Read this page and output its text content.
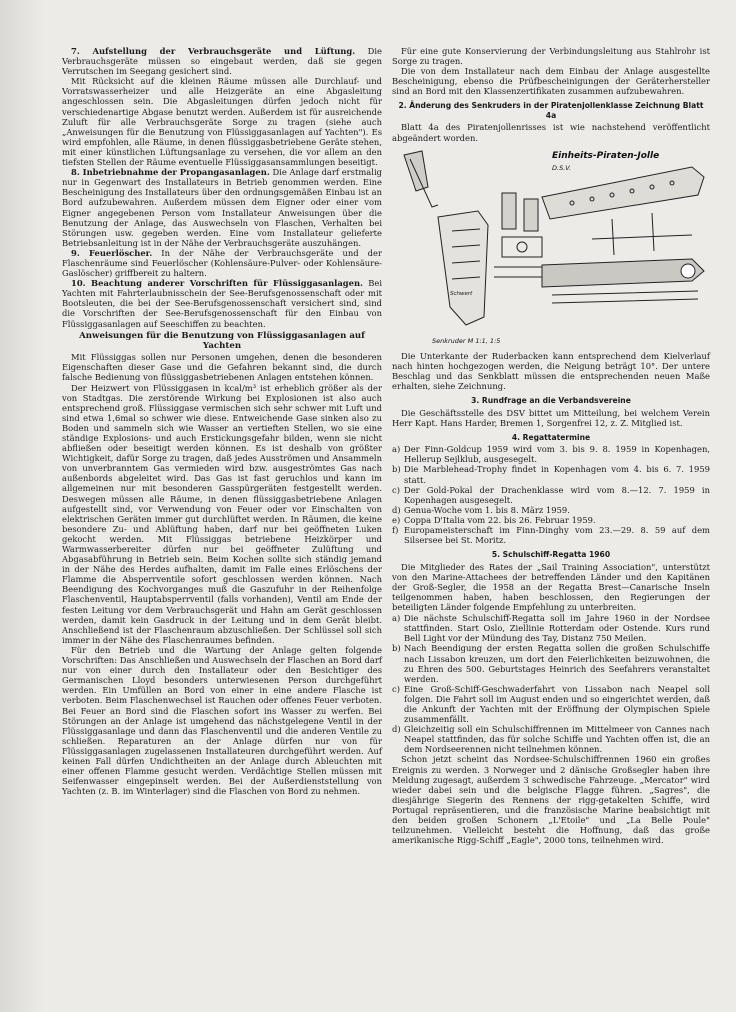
7. Aufstellung der Verbrauchsgeräte und Lüftung. Die Verbrauchsgeräte müssen so eingebaut werden, daß sie gegen Verrutschen im Seegang gesichert sind.

Mit Rücksicht auf die kleinen Räume müssen alle Durchlauf- und Vorratswasserheizer und alle Heizgeräte an eine Abgasleitung angeschlossen sein. Die Abgasleitungen dürfen jedoch nicht für verschiedenartige Abgase benutzt werden. Außerdem ist für ausreichende Zuluft für alle Verbrauchsgeräte Sorge zu tragen (siehe auch „Anweisungen für die Benutzung von Flüssiggasanlagen auf Yachten"). Es wird empfohlen, alle Räume, in denen flüssiggasbetriebene Geräte stehen, mit einer künstlichen Lüftungsanlage zu versehen, die vor allem an den tiefsten Stellen der Räume eventuelle Flüssiggasansammlungen beseitigt.

8. Inbetriebnahme der Propangasanlagen. Die Anlage darf erstmalig nur in Gegenwart des Installateurs in Betrieb genommen werden. Eine Bescheinigung des Installateurs über den ordnungsgemäßen Einbau ist an Bord aufzubewahren. Außerdem müssen dem Eigner oder einer vom Eigner angegebenen Person vom Installateur Anweisungen über die Benutzung der Anlage, das Auswechseln von Flaschen, Verhalten bei Störungen usw. gegeben werden. Eine vom Installateur gelieferte Betriebsanleitung ist in der Nähe der Verbrauchsgeräte auszuhängen.

9. Feuerlöscher. In der Nähe der Verbrauchsgeräte und der Flaschenräume sind Feuerlöscher (Kohlensäure-Pulver- oder Kohlensäure-Gaslöscher) griffbereit zu haltern.

10. Beachtung anderer Vorschriften für Flüssiggasanlagen. Bei Yachten mit Fahrterlaubnisschein der See-Berufsgenossenschaft oder mit Bootsleuten, die bei der See-Berufsgenossenschaft versichert sind, sind die Vorschriften der See-Berufsgenossenschaft für den Einbau von Flüssiggasanlagen auf Seeschiffen zu beachten.

Anweisungen für die Benutzung von Flüssiggasanlagen auf Yachten

Mit Flüssiggas sollen nur Personen umgehen, denen die besonderen Eigenschaften dieser Gase und die Gefahren bekannt sind, die durch falsche Bedienung von flüssiggasbetriebenen Anlagen entstehen können.

Der Heizwert von Flüssiggasen in kcal/m³ ist erheblich größer als der von Stadtgas. Die zerstörende Wirkung bei Explosionen ist also auch entsprechend groß. Flüssiggase vermischen sich sehr schwer mit Luft und sind etwa 1,6mal so schwer wie diese. Entweichende Gase sinken also zu Boden und sammeln sich wie Wasser an vertieften Stellen, wo sie eine ständige Explosions- und auch Erstickungsgefahr bilden, wenn sie nicht abfließen oder beseitigt werden können. Es ist deshalb von größter Wichtigkeit, dafür Sorge zu tragen, daß jedes Ausströmen und Ansammeln von unverbranntem Gas vermieden wird bzw. ausgeströmtes Gas nach außenbords abgeleitet wird. Das Gas ist fast geruchlos und kann im allgemeinen nur mit besonderen Gasspürgeräten festgestellt werden. Deswegen müssen alle Räume, in denen flüssiggasbetriebene Anlagen aufgestellt sind, vor Verwendung von Feuer oder vor Einschalten von elektrischen Geräten immer gut durchlüftet werden. In Räumen, die keine besondere Zu- und Ablüftung haben, darf nur bei geöffneten Luken gekocht werden. Mit Flüssiggas betriebene Heizkörper und Warmwasserbereiter dürfen nur bei geöffneter Zulüftung und Abgasabführung in Betrieb sein. Beim Kochen sollte sich ständig jemand in der Nähe des Herdes aufhalten, damit im Falle eines Erlöschens der Flamme die Absperrventile sofort geschlossen werden können. Nach Beendigung des Kochvorganges muß die Gaszufuhr in der Reihenfolge Flaschenventil, Hauptabsperrventil (falls vorhanden), Ventil am Ende der festen Leitung vor dem Verbrauchsgerät und Hahn am Gerät geschlossen werden, damit kein Gasdruck in der Leitung und in dem Gerät bleibt. Anschließend ist der Flaschenraum abzuschließen. Der Schlüssel soll sich immer in der Nähe des Flaschenraumes befinden.

Für den Betrieb und die Wartung der Anlage gelten folgende Vorschriften: Das Anschließen und Auswechseln der Flaschen an Bord darf nur von einer durch den Installateur oder den Besichtiger des Germanischen Lloyd besonders unterwiesenen Person durchgeführt werden. Ein Umfüllen an Bord von einer in eine andere Flasche ist verboten. Beim Flaschenwechsel ist Rauchen oder offenes Feuer verboten. Bei Feuer an Bord sind die Flaschen sofort ins Wasser zu werfen. Bei Störungen an der Anlage ist umgehend das nächstgelegene Ventil in der Flüssiggasanlage und dann das Flaschenventil und die anderen Ventile zu schließen. Reparaturen an der Anlage dürfen nur von für Flüssiggasanlagen zugelassenen Installateuren durchgeführt werden. Auf keinen Fall dürfen Undichtheiten an der Anlage durch Ableuchten mit einer offenen Flamme gesucht werden. Verdächtige Stellen müssen mit Seifenwasser eingepinselt werden. Bei der Außerdienststellung von Yachten (z. B. im Winterlager) sind die Flaschen von Bord zu nehmen.

Für eine gute Konservierung der Verbindungsleitung aus Stahlrohr ist Sorge zu tragen.

Die von dem Installateur nach dem Einbau der Anlage ausgestellte Bescheinigung, ebenso die Prüfbescheinigungen der Geräterhersteller sind an Bord mit den Klassenzertifikaten zusammen aufzubewahren.

2. Änderung des Senkruders in der Piratenjollenklasse Zeichnung Blatt 4a

Blatt 4a des Piratenjollenrisses ist wie nachstehend veröffentlicht abgeändert worden.

Einheits-Piraten-Jolle
D.S.V.
Senkruder M 1:1, 1:5
Schwert

Die Unterkante der Ruderbacken kann entsprechend dem Kielverlauf nach hinten hochgezogen werden, die Neigung beträgt 10°. Der untere Beschlag und das Senkblatt müssen die entsprechenden neuen Maße erhalten, siehe Zeichnung.

3. Rundfrage an die Verbandsvereine

Die Geschäftsstelle des DSV bittet um Mitteilung, bei welchem Verein Herr Kapt. Hans Harder, Bremen 1, Sorgenfrei 12, z. Z. Mitglied ist.

4. Regattatermine
a) Der Finn-Goldcup 1959 wird vom 3. bis 9. 8. 1959 in Kopenhagen, Hellerup Sejlklub, ausgesegelt.
b) Die Marblehead-Trophy findet in Kopenhagen vom 4. bis 6. 7. 1959 statt.
c) Der Gold-Pokal der Drachenklasse wird vom 8.—12. 7. 1959 in Kopenhagen ausgesegelt.
d) Genua-Woche vom 1. bis 8. März 1959.
e) Coppa D'Italia vom 22. bis 26. Februar 1959.
f) Europameisterschaft im Finn-Dinghy vom 23.—29. 8. 59 auf dem Silsersee bei St. Moritz.
5. Schulschiff-Regatta 1960

Die Mitglieder des Rates der „Sail Training Association", unterstützt von den Marine-Attachees der betreffenden Länder und den Kapitänen der Groß-Segler, die 1958 an der Regatta Brest—Canarische Inseln teilgenommen haben, haben beschlossen, den Regierungen der beteiligten Länder folgende Empfehlung zu unterbreiten.

a) Die nächste Schulschiff-Regatta soll im Jahre 1960 in der Nordsee stattfinden. Start Oslo, Ziellinie Rotterdam oder Ostende. Kurs rund Bell Light vor der Mündung des Tay, Distanz 750 Meilen.
b) Nach Beendigung der ersten Regatta sollen die großen Schulschiffe nach Lissabon kreuzen, um dort den Feierlichkeiten beizuwohnen, die zu Ehren des 500. Geburtstages Heinrich des Seefahrers veranstaltet werden.
c) Eine Groß-Schiff-Geschwaderfahrt von Lissabon nach Neapel soll folgen. Die Fahrt soll im August enden und so eingerichtet werden, daß die Ankunft der Yachten mit der Eröffnung der Olympischen Spiele zusammenfällt.
d) Gleichzeitig soll ein Schulschiffrennen im Mittelmeer von Cannes nach Neapel stattfinden, das für solche Schiffe und Yachten offen ist, die an dem Nordseerennen nicht teilnehmen können.

Schon jetzt scheint das Nordsee-Schulschiffrennen 1960 ein großes Ereignis zu werden. 3 Norweger und 2 dänische Großsegler haben ihre Meldung zugesagt, außerdem 3 schwedische Fahrzeuge. „Mercator" wird wieder dabei sein und die belgische Flagge führen. „Sagres", die diesjährige Siegerin des Rennens der rigg-getakelten Schiffe, wird Portugal repräsentieren, und die französische Marine beabsichtigt mit den beiden großen Schonern „L'Etoile" und „La Belle Poule" teilzunehmen. Vielleicht besteht die Hoffnung, daß das große amerikanische Rigg-Schiff „Eagle", 2000 tons, teilnehmen wird.
